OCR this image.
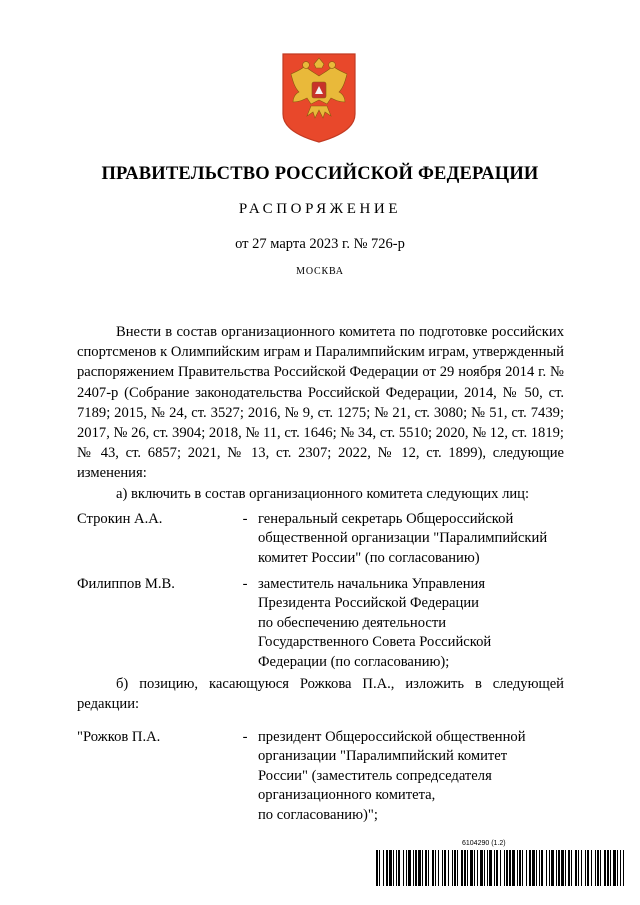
ПРАВИТЕЛЬСТВО РОССИЙСКОЙ ФЕДЕРАЦИИ
РАСПОРЯЖЕНИЕ
от 27 марта 2023 г. № 726-р
МОСКВА

Внести в состав организационного комитета по подготовке российских спортсменов к Олимпийским играм и Паралимпийским играм, утвержденный распоряжением Правительства Российской Федерации от 29 ноября 2014 г. № 2407-р (Собрание законодательства Российской Федерации, 2014, № 50, ст. 7189; 2015, № 24, ст. 3527; 2016, № 9, ст. 1275; № 21, ст. 3080; № 51, ст. 7439; 2017, № 26, ст. 3904; 2018, № 11, ст. 1646; № 34, ст. 5510; 2020, № 12, ст. 1819; № 43, ст. 6857; 2021, № 13, ст. 2307; 2022, № 12, ст. 1899), следующие изменения:

а) включить в состав организационного комитета следующих лиц:

Строкин А.А.	- генеральный секретарь Общероссийской
общественной организации "Паралимпийский
комитет России" (по согласованию)
Филиппов М.В.	- заместитель начальника Управления
Президента Российской Федерации
по обеспечению деятельности
Государственного Совета Российской
Федерации (по согласованию);

б) позицию, касающуюся Рожкова П.А., изложить в следующей редакции:

"Рожков П.А.	- президент Общероссийской общественной
организации "Паралимпийский комитет
России" (заместитель сопредседателя
организационного комитета,
по согласованию)";
6104290 (1.2)
